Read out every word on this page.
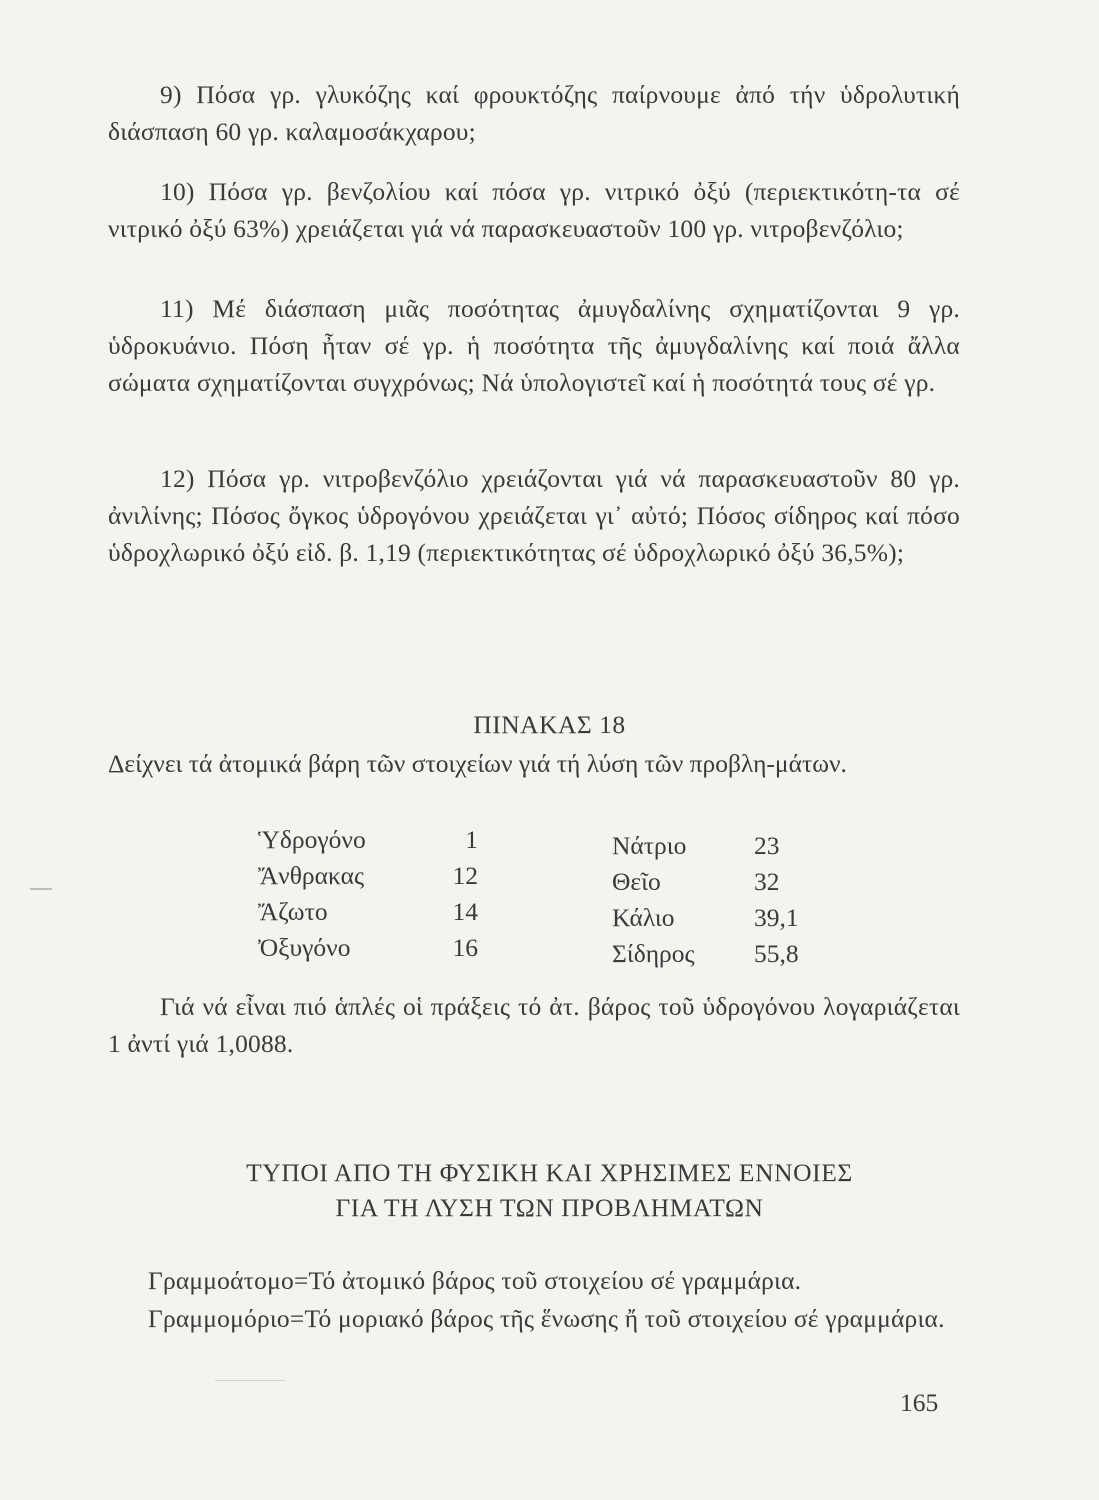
9) Πόσα γρ. γλυκόζης καί φρουκτόζης παίρνουμε ἀπό τήν ὑδρολυτική διάσπαση 60 γρ. καλαμοσάκχαρου;
10) Πόσα γρ. βενζολίου καί πόσα γρ. νιτρικό ὀξύ (περιεκτικότη-τα σέ νιτρικό ὀξύ 63%) χρειάζεται γιά νά παρασκευαστοῦν 100 γρ. νιτροβενζόλιο;
11) Μέ διάσπαση μιᾶς ποσότητας ἀμυγδαλίνης σχηματίζονται 9 γρ. ὑδροκυάνιο. Πόση ἦταν σέ γρ. ἡ ποσότητα τῆς ἀμυγδαλίνης καί ποιά ἄλλα σώματα σχηματίζονται συγχρόνως; Νά ὑπολογιστεῖ καί ἡ ποσότητά τους σέ γρ.
12) Πόσα γρ. νιτροβενζόλιο χρειάζονται γιά νά παρασκευαστοῦν 80 γρ. ἀνιλίνης; Πόσος ὄγκος ὑδρογόνου χρειάζεται γι᾽ αὐτό; Πόσος σίδηρος καί πόσο ὑδροχλωρικό ὀξύ εἰδ. β. 1,19 (περιεκτικότητας σέ ὑδροχλωρικό ὀξύ 36,5%);
ΠΙΝΑΚΑΣ 18
Δείχνει τά ἀτομικά βάρη τῶν στοιχείων γιά τή λύση τῶν προβλη-μάτων.
Ὑδρογόνο	1
Ἄνθρακας	12
Ἄζωτο	14
Ὀξυγόνο	16
Νάτριο	23
Θεῖο	32
Κάλιο	39,1
Σίδηρος 55,8
Γιά νά εἶναι πιό ἁπλές οἱ πράξεις τό ἀτ. βάρος τοῦ ὑδρογόνου λογαριάζεται 1 ἀντί γιά 1,0088.
ΤΥΠΟΙ ΑΠΟ ΤΗ ΦΥΣΙΚΗ ΚΑΙ ΧΡΗΣΙΜΕΣ ΕΝΝΟΙΕΣ
ΓΙΑ ΤΗ ΛΥΣΗ ΤΩΝ ΠΡΟΒΛΗΜΑΤΩΝ
Γραμμοάτομο=Τό ἀτομικό βάρος τοῦ στοιχείου σέ γραμμάρια.
Γραμμομόριο=Τό μοριακό βάρος τῆς ἕνωσης ἤ τοῦ στοιχείου σέ γραμμάρια.
165
